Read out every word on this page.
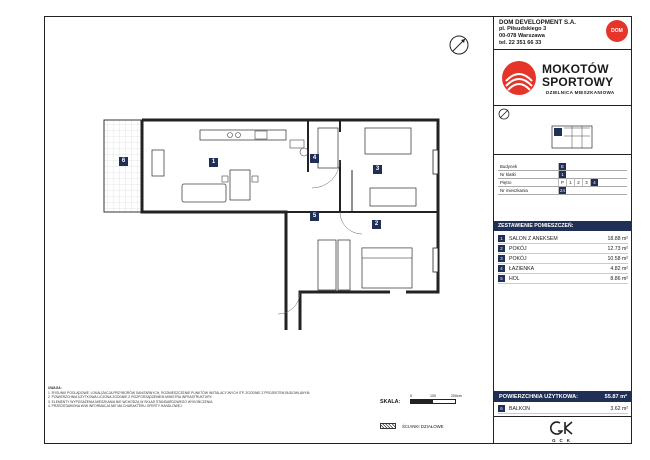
1
2
3
4
5
6
UWAGA:
1. RYSUNKI POGLĄDOWE. LOKALIZACJA PRZYBORÓW SANITARNYCH, ROZMIESZCZENIE PUNKTÓW INSTALACYJNYCH ITP. ZGODNIE Z PROJEKTEM BUDOWLANYM.
2. POWIERZCHNIA UŻYTKOWA LICZONA ZGODNIE Z ROZPORZĄDZENIEM MINISTRA INFRASTRUKTURY.
3. ELEMENTY WYPOSAŻENIA MIESZKANIA NIE WCHODZĄ W SKŁAD STANDARDOWEGO WYKOŃCZENIA.
4. PRZEDSTAWIONA W/W INFORMACJA NIE MA CHARAKTERU OFERTY HANDLOWEJ.
SKALA:
0	100	200cm
ŚCIANKI DZIAŁOWE
DOM DEVELOPMENT S.A.
pl. Piłsudskiego 3
00-078 Warszawa
tel. 22 351 66 33
DOM
MOKOTÓW
SPORTOWY
DZIELNICA MIESZKANIOWA
Budynek	E
Nr klatki	1
Piętro	P	1	2	3	4
Nr mieszkania	24
ZESTAWIENIE POMIESZCZEŃ:
1	SALON Z ANEKSEM	18.88 m²
2	POKÓJ	12.73 m²
3	POKÓJ	10.58 m²
4	ŁAZIENKA	4.82 m²
5	HOL	8.86 m²
POWIERZCHNIA UŻYTKOWA:	55.87 m²
6	BALKON	3.62 m²
GCK
